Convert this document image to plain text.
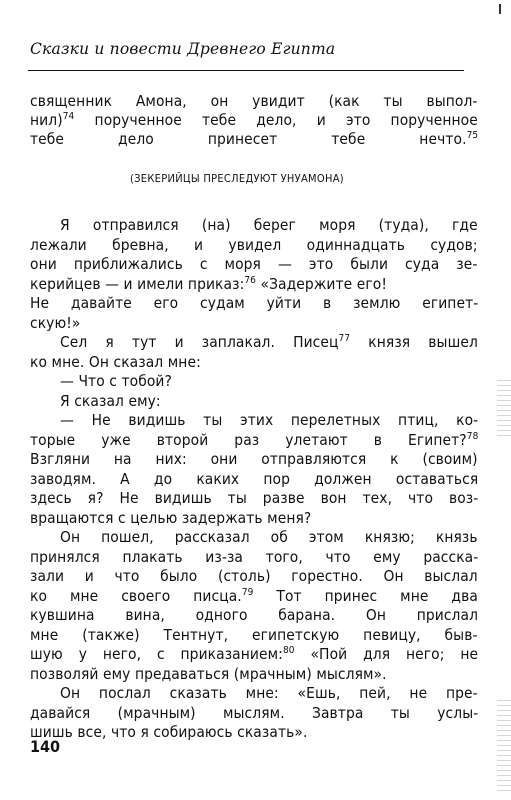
Сказки и повести Древнего Египта
священник Амона, он увидит (как ты выпол-
нил)$^{74}$ порученное тебе дело, и это порученное
тебе дело принесет тебе нечто.$^{75}$
(ЗЕКЕРИЙЦЫ ПРЕСЛЕДУЮТ УНУАМОНА)
Я отправился (на) берег моря (туда), где
лежали бревна, и увидел одиннадцать судов;
они приближались с моря — это были суда зе-
керийцев — и имели приказ:$^{76}$ «Задержите его!
Не давайте его судам уйти в землю египет-
скую!»
Сел я тут и заплакал. Писец$^{77}$ князя вышел
ко мне. Он сказал мне:
— Что с тобой?
Я сказал ему:
— Не видишь ты этих перелетных птиц, ко-
торые уже второй раз улетают в Египет?$^{78}$
Взгляни на них: они отправляются к (своим)
заводям. А до каких пор должен оставаться
здесь я? Не видишь ты разве вон тех, что воз-
вращаются с целью задержать меня?
Он пошел, рассказал об этом князю; князь
принялся плакать из-за того, что ему расска-
зали и что было (столь) горестно. Он выслал
ко мне своего писца.$^{79}$ Тот принес мне два
кувшина вина, одного барана. Он прислал
мне (также) Тентнут, египетскую певицу, быв-
шую у него, с приказанием:$^{80}$ «Пой для него; не
позволяй ему предаваться (мрачным) мыслям».
Он послал сказать мне: «Ешь, пей, не пре-
давайся (мрачным) мыслям. Завтра ты услы-
шишь все, что я собираюсь сказать».
140
